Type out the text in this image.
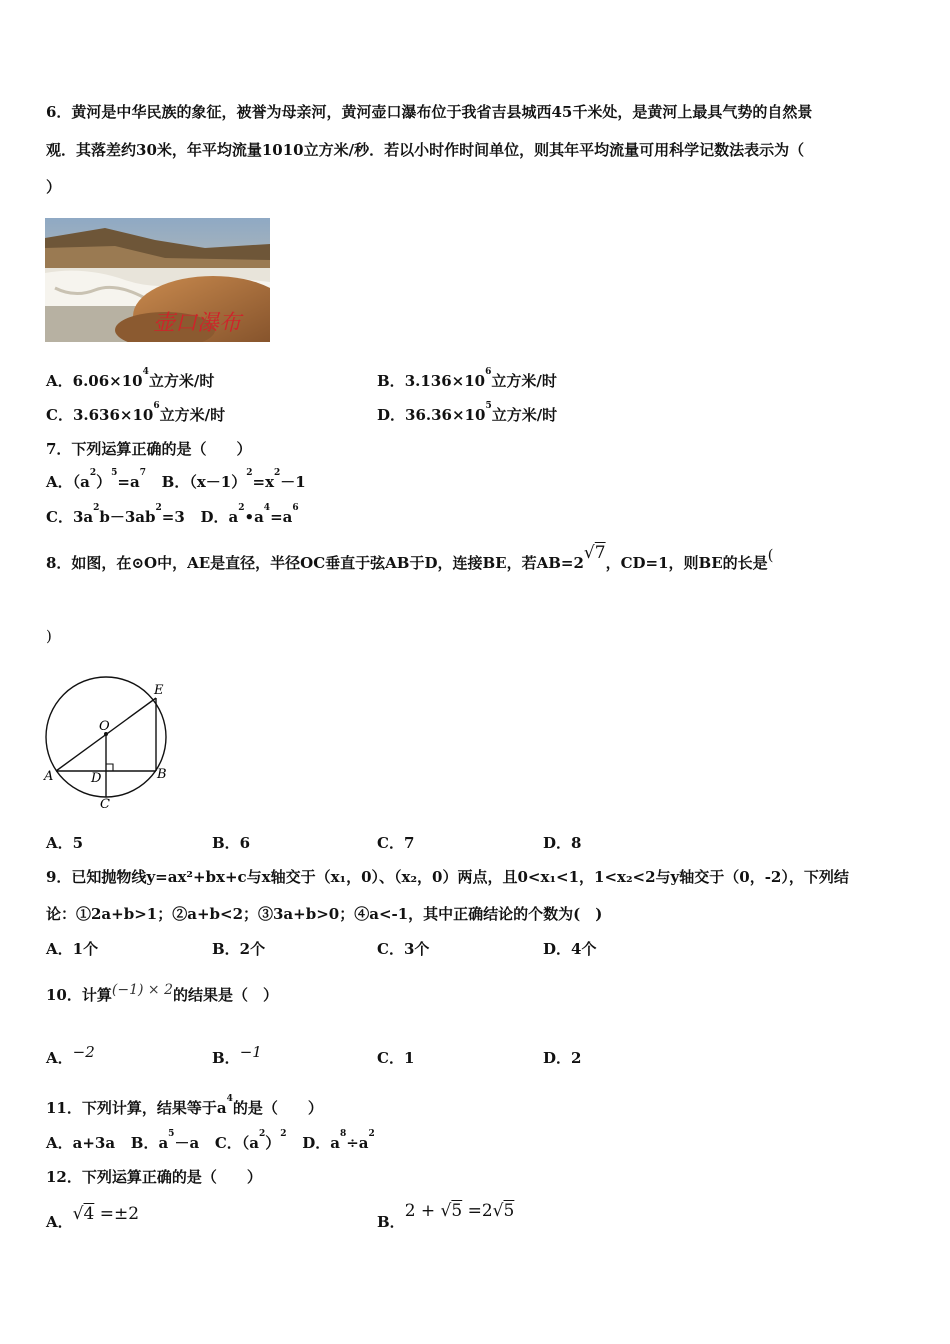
6．黄河是中华民族的象征，被誉为母亲河，黄河壶口瀑布位于我省吉县城西45千米处，是黄河上最具气势的自然景
观．其落差约30米，年平均流量1010立方米/秒．若以小时作时间单位，则其年平均流量可用科学记数法表示为（
）
壶口瀑布
A．$6.06\times 10^4$立方米/时	B．$3.136\times 10^6$立方米/时
C．$3.636\times 10^6$立方米/时	D．$36.36\times 10^5$立方米/时
7．下列运算正确的是（　　）
A．$(a^2)^5=a^7$ B．$(x-1)^2=x^2-1$
C．$3a^2b-3ab^2=3$ D．$a^2•a^4=a^6$
8．如图，在⊙O中，AE是直径，半径OC垂直于弦AB于D，连接BE，若AB=2√7，CD=1，则BE的长是(
)
E
O
A	D	B
C
A．5	B．6	C．7	D．8
9．已知抛物线y=ax²+bx+c与x轴交于（x₁，0）、（x₂，0）两点，且0<x₁<1，1<x₂<2与y轴交于（0，-2），下列结
论：①2a+b>1；②a+b<2；③3a+b>0；④a<-1，其中正确结论的个数为(　)
A．1个	B．2个	C．3个	D．4个
10．计算(−1) × 2的结果是（　）
A．−2	B．−1	C．1	D．2
11．下列计算，结果等于$a^4$的是（　　）
A．a+3a B．$a^5-a$ C．$(a^2)^2$ D．$a^8\div a^2$
12．下列运算正确的是（　　）
A．√4 =±2	B．2 + √5 =2√5
